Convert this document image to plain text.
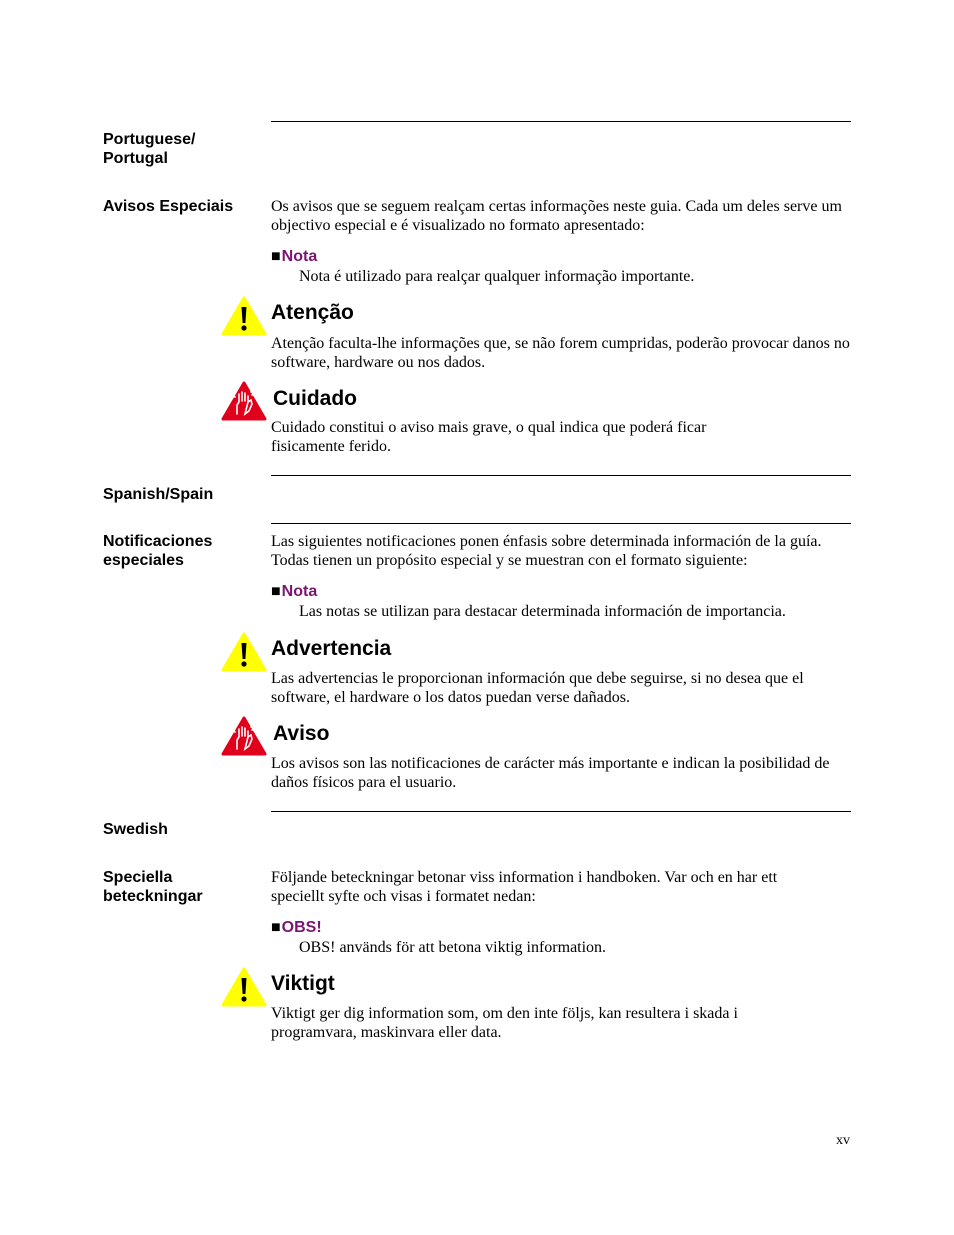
Portuguese/ Portugal
Avisos Especiais	Os avisos que se seguem realçam certas informações neste guia. Cada um deles serve um objectivo especial e é visualizado no formato apresentado:
■Nota
Nota é utilizado para realçar qualquer informação importante.
Atenção
Atenção faculta-lhe informações que, se não forem cumpridas, poderão provocar danos no software, hardware ou nos dados.
Cuidado
Cuidado constitui o aviso mais grave, o qual indica que poderá ficar fisicamente ferido.
Spanish/Spain
Notificaciones especiales
Las siguientes notificaciones ponen énfasis sobre determinada información de la guía. Todas tienen un propósito especial y se muestran con el formato siguiente:
■Nota
Las notas se utilizan para destacar determinada información de importancia.
Advertencia
Las advertencias le proporcionan información que debe seguirse, si no desea que el software, el hardware o los datos puedan verse dañados.
Aviso
Los avisos son las notificaciones de carácter más importante e indican la posibilidad de daños físicos para el usuario.
Swedish
Speciella beteckningar
Följande beteckningar betonar viss information i handboken. Var och en har ett speciellt syfte och visas i formatet nedan:
■OBS!
OBS! används för att betona viktig information.
Viktigt
Viktigt ger dig information som, om den inte följs, kan resultera i skada i programvara, maskinvara eller data.
xv
